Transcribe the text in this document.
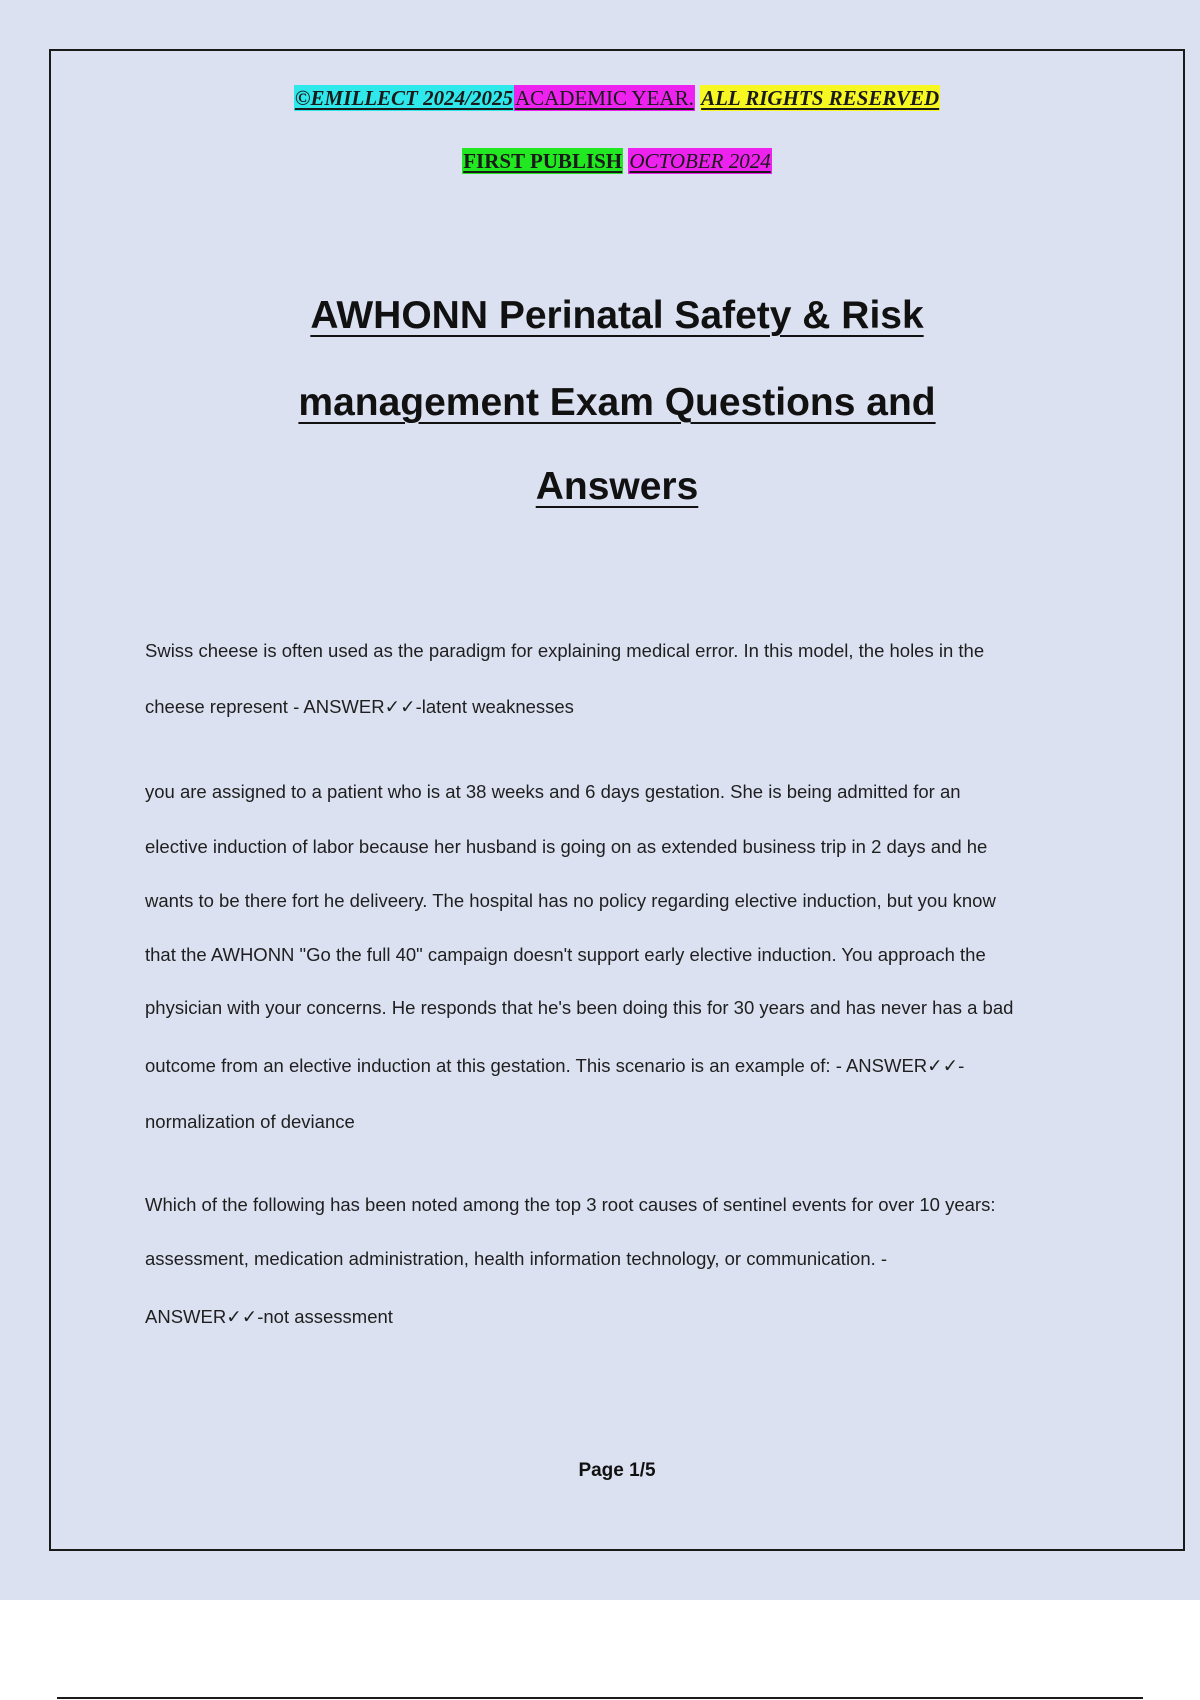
©EMILLECT 2024/2025ACADEMIC YEAR. ALL RIGHTS RESERVED
FIRST PUBLISH OCTOBER 2024
AWHONN Perinatal Safety & Risk
management Exam Questions and
Answers
Swiss cheese is often used as the paradigm for explaining medical error. In this model, the holes in the
cheese represent - ANSWER✓✓-latent weaknesses
you are assigned to a patient who is at 38 weeks and 6 days gestation. She is being admitted for an
elective induction of labor because her husband is going on as extended business trip in 2 days and he
wants to be there fort he deliveery. The hospital has no policy regarding elective induction, but you know
that the AWHONN "Go the full 40" campaign doesn't support early elective induction. You approach the
physician with your concerns. He responds that he's been doing this for 30 years and has never has a bad
outcome from an elective induction at this gestation. This scenario is an example of: - ANSWER✓✓-
normalization of deviance
Which of the following has been noted among the top 3 root causes of sentinel events for over 10 years:
assessment, medication administration, health information technology, or communication. -
ANSWER✓✓-not assessment
Page 1/5
